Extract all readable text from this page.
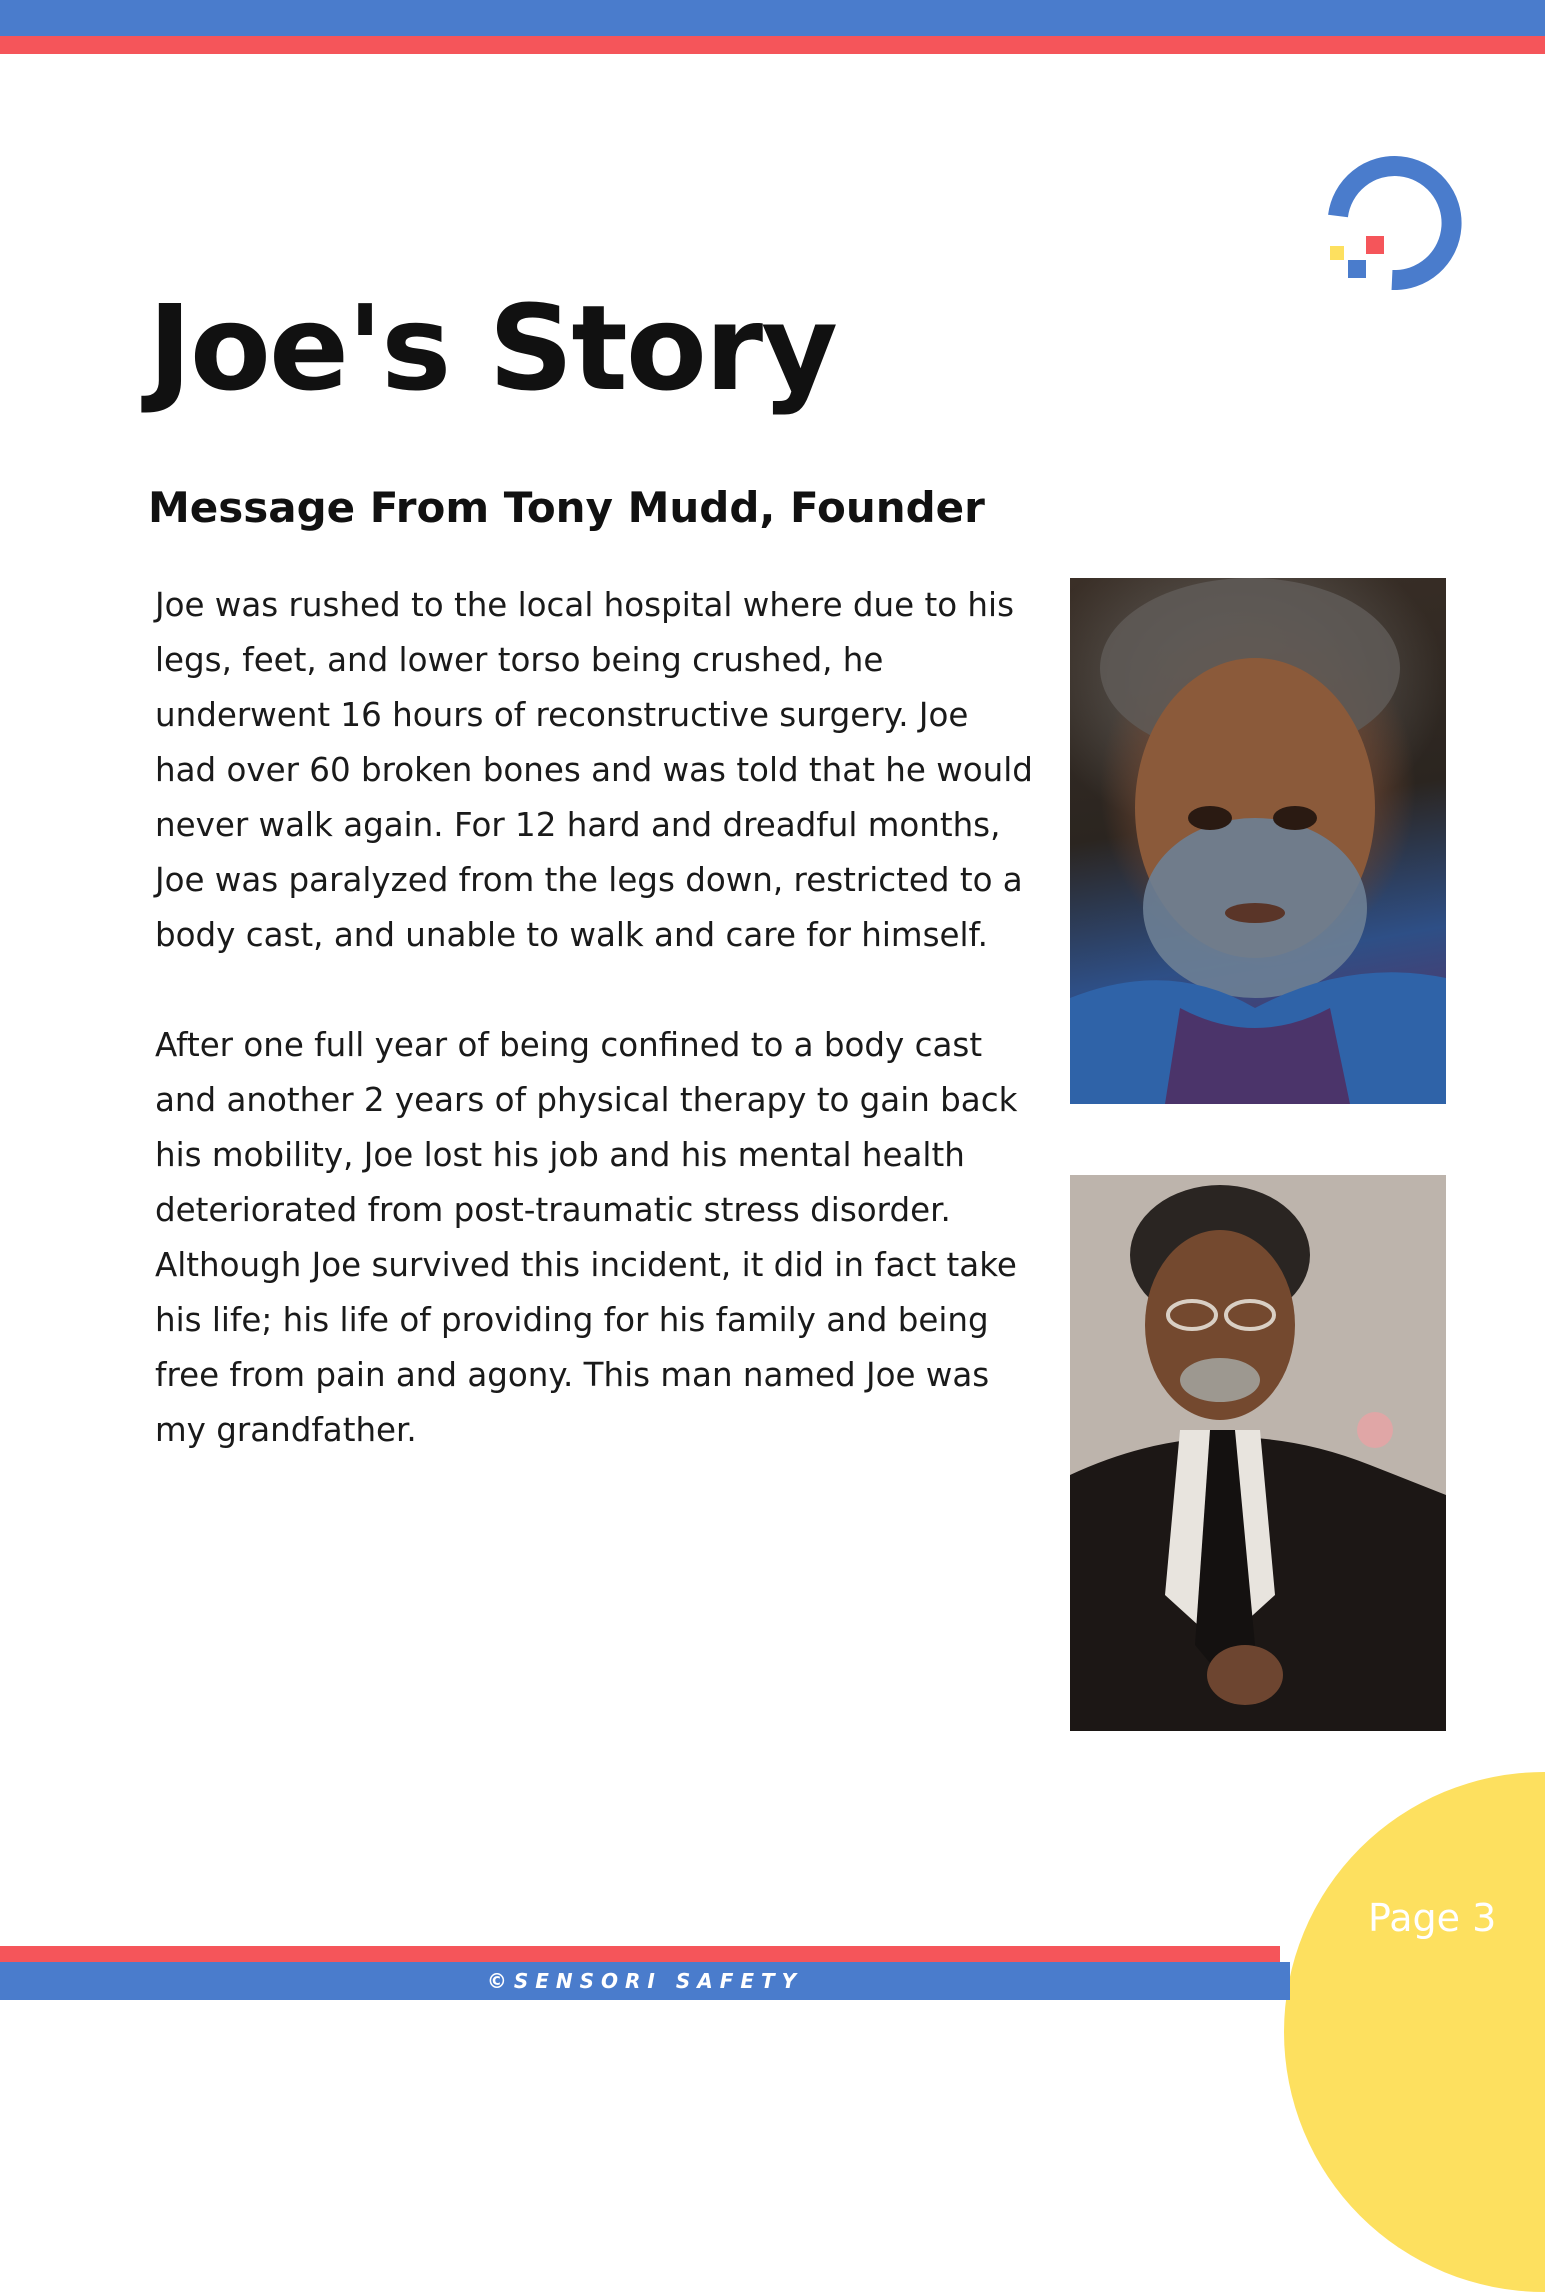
Joe's Story
Message From Tony Mudd, Founder

Joe was rushed to the local hospital where due to his legs, feet, and lower torso being crushed, he underwent 16 hours of reconstructive surgery. Joe had over 60 broken bones and was told that he would never walk again. For 12 hard and dreadful months, Joe was paralyzed from the legs down, restricted to a body cast, and unable to walk and care for himself.

After one full year of being confined to a body cast and another 2 years of physical therapy to gain back his mobility, Joe lost his job and his mental health deteriorated from post-traumatic stress disorder. Although Joe survived this incident, it did in fact take his life; his life of providing for his family and being free from pain and agony. This man named Joe was my grandfather.

Page 3

©SENSORI SAFETY
